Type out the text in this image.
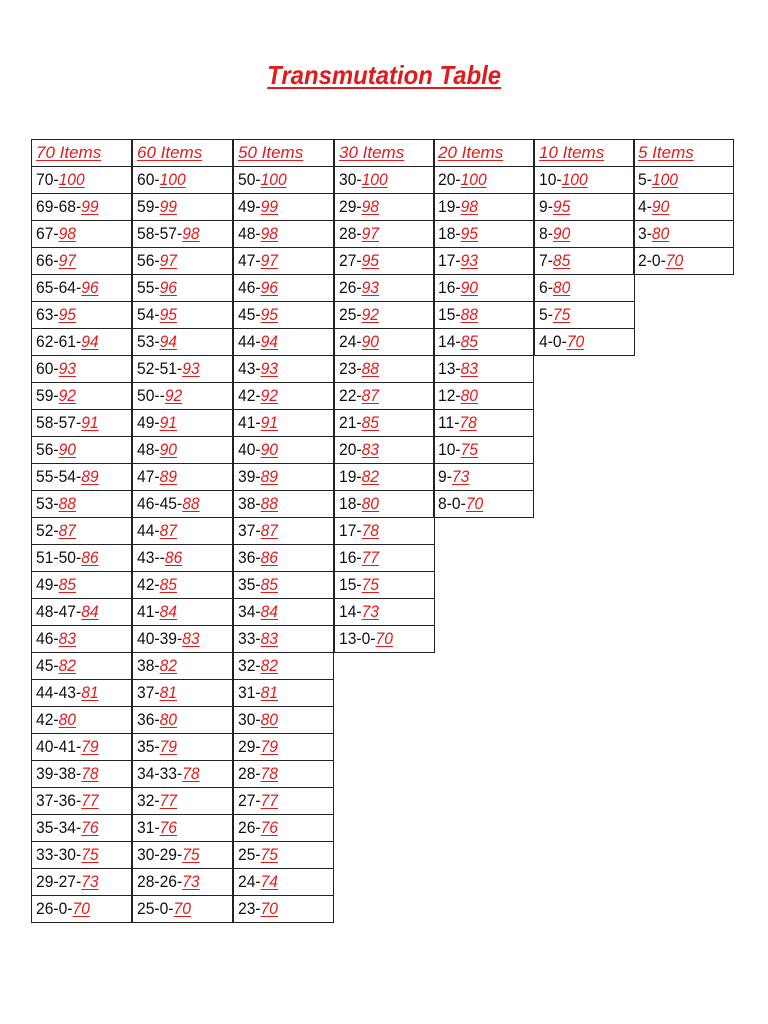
Transmutation Table
70 Items
70-100
69-68-99
67-98
66-97
65-64-96
63-95
62-61-94
60-93
59-92
58-57-91
56-90
55-54-89
53-88
52-87
51-50-86
49-85
48-47-84
46-83
45-82
44-43-81
42-80
40-41-79
39-38-78
37-36-77
35-34-76
33-30-75
29-27-73
26-0-70
60 Items
60-100
59-99
58-57-98
56-97
55-96
54-95
53-94
52-51-93
50--92
49-91
48-90
47-89
46-45-88
44-87
43--86
42-85
41-84
40-39-83
38-82
37-81
36-80
35-79
34-33-78
32-77
31-76
30-29-75
28-26-73
25-0-70
50 Items
50-100
49-99
48-98
47-97
46-96
45-95
44-94
43-93
42-92
41-91
40-90
39-89
38-88
37-87
36-86
35-85
34-84
33-83
32-82
31-81
30-80
29-79
28-78
27-77
26-76
25-75
24-74
23-70
30 Items
30-100
29-98
28-97
27-95
26-93
25-92
24-90
23-88
22-87
21-85
20-83
19-82
18-80
17-78
16-77
15-75
14-73
13-0-70
20 Items
20-100
19-98
18-95
17-93
16-90
15-88
14-85
13-83
12-80
11-78
10-75
9-73
8-0-70
10 Items
10-100
9-95
8-90
7-85
6-80
5-75
4-0-70
5 Items
5-100
4-90
3-80
2-0-70
